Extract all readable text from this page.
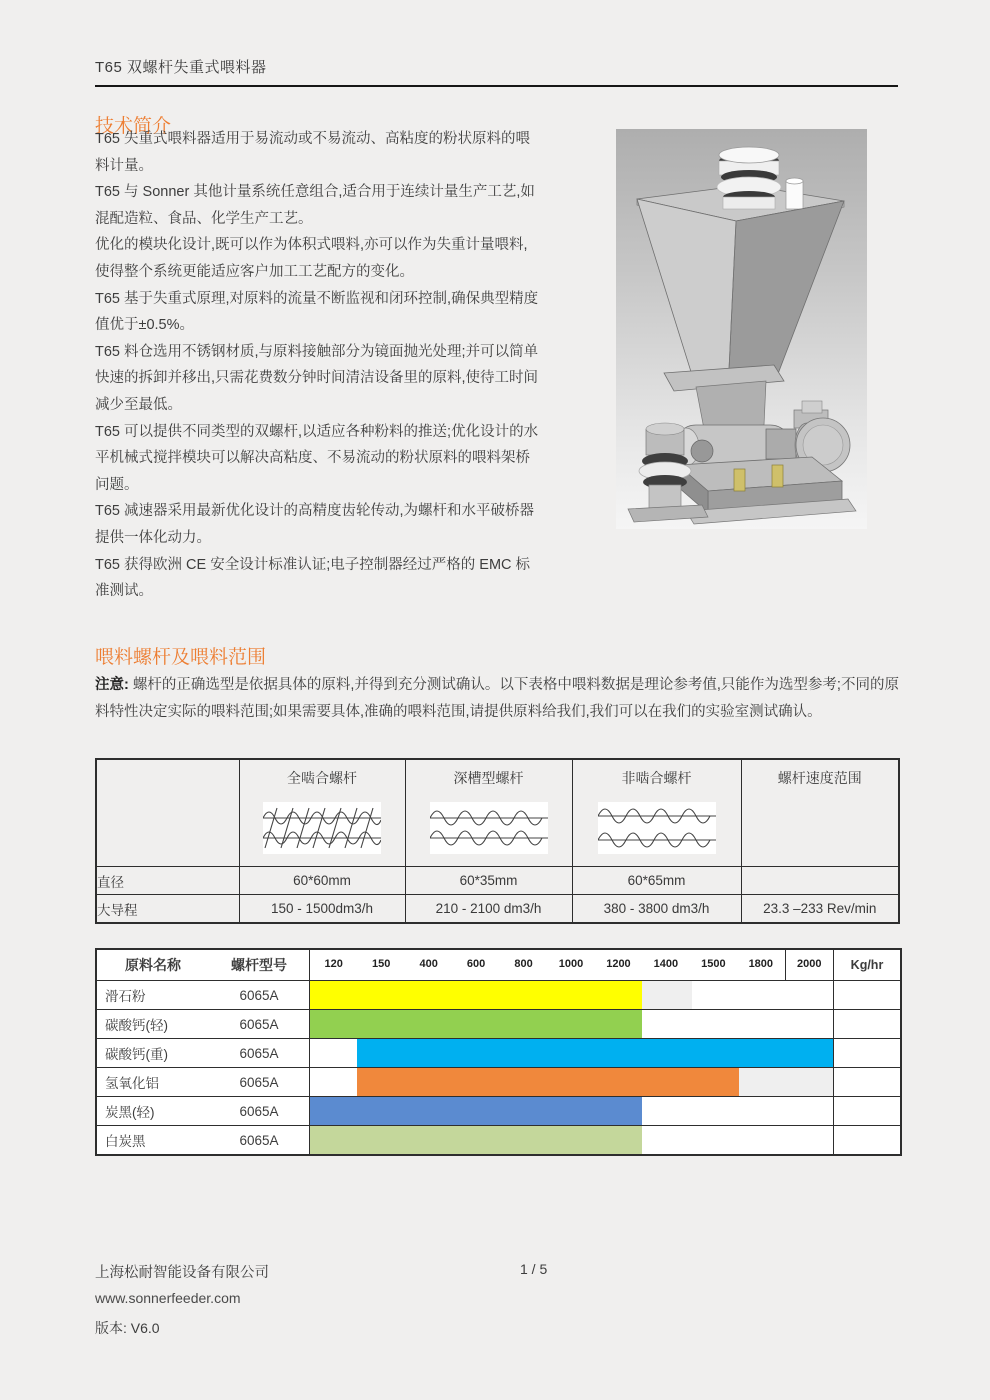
T65 双螺杆失重式喂料器
技术简介

T65 失重式喂料器适用于易流动或不易流动、高粘度的粉状原料的喂料计量。

T65 与 Sonner 其他计量系统任意组合,适合用于连续计量生产工艺,如混配造粒、食品、化学生产工艺。

优化的模块化设计,既可以作为体积式喂料,亦可以作为失重计量喂料,使得整个系统更能适应客户加工工艺配方的变化。

T65 基于失重式原理,对原料的流量不断监视和闭环控制,确保典型精度值优于±0.5%。

T65 料仓选用不锈钢材质,与原料接触部分为镜面抛光处理;并可以简单快速的拆卸并移出,只需花费数分钟时间清洁设备里的原料,使待工时间减少至最低。

T65 可以提供不同类型的双螺杆,以适应各种粉料的推送;优化设计的水平机械式搅拌模块可以解决高粘度、不易流动的粉状原料的喂料架桥问题。

T65 减速器采用最新优化设计的高精度齿轮传动,为螺杆和水平破桥器提供一体化动力。

T65 获得欧洲 CE 安全设计标准认证;电子控制器经过严格的 EMC 标准测试。

喂料螺杆及喂料范围

注意: 螺杆的正确选型是依据具体的原料,并得到充分测试确认。以下表格中喂料数据是理论参考值,只能作为选型参考;不同的原料特性决定实际的喂料范围;如果需要具体,准确的喂料范围,请提供原料给我们,我们可以在我们的实验室测试确认。

	全啮合螺杆	深槽型螺杆	非啮合螺杆	螺杆速度范围

直径	60*60mm	60*35mm	60*65mm	
大导程	150 - 1500dm3/h	210 - 2100 dm3/h	380 - 3800 dm3/h	23.3 –233 Rev/min
原料名称	螺杆型号	120	150	400	600	800	1000	1200	1400	1500	1800	2000	Kg/hr
滑石粉	6065A
碳酸钙(轻)	6065A
碳酸钙(重)	6065A
氢氧化铝	6065A
炭黑(轻)	6065A
白炭黑	6065A
上海松耐智能设备有限公司	1 / 5
www.sonnerfeeder.com
版本: V6.0
